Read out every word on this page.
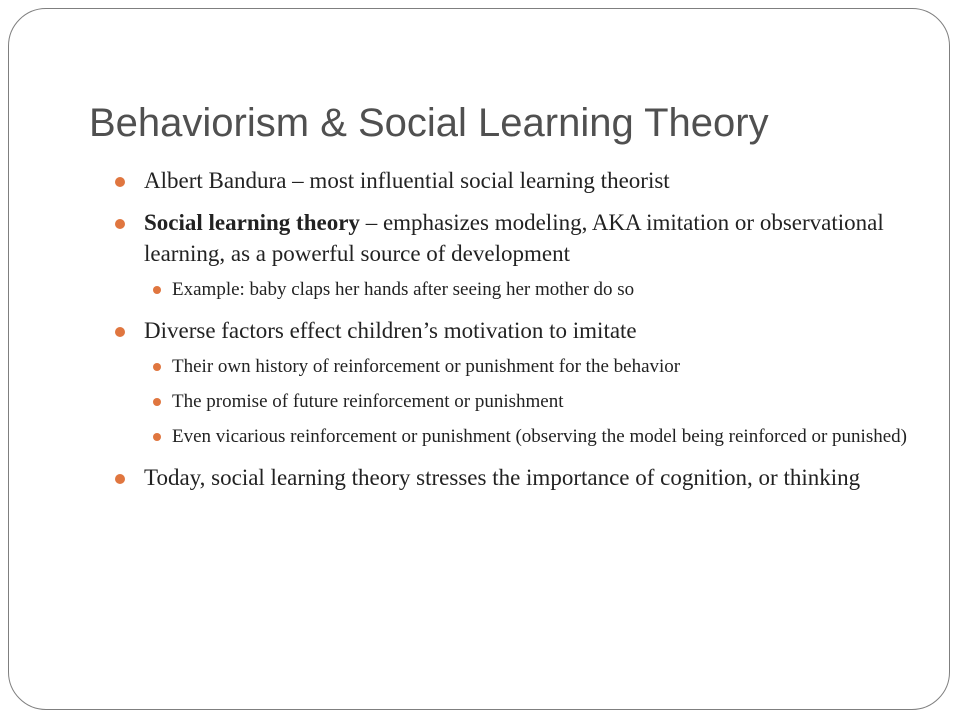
Behaviorism & Social Learning Theory
Albert Bandura – most influential social learning theorist
Social learning theory – emphasizes modeling, AKA imitation or observational learning, as a powerful source of development
Example: baby claps her hands after seeing her mother do so
Diverse factors effect children’s motivation to imitate
Their own history of reinforcement or punishment for the behavior
The promise of future reinforcement or punishment
Even vicarious reinforcement or punishment (observing the model being reinforced or punished)
Today, social learning theory stresses the importance of cognition, or thinking
